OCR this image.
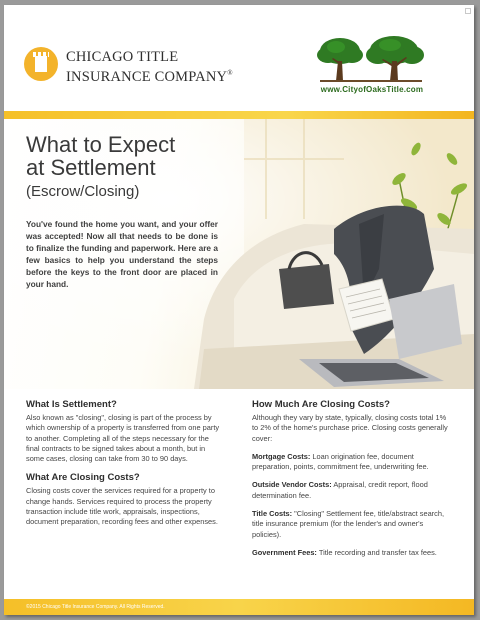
CHICAGO TITLE
INSURANCE COMPANY®
www.CityofOaksTitle.com
What to Expect
at Settlement
(Escrow/Closing)
You've found the home you want, and your offer was accepted! Now all that needs to be done is to finalize the funding and paperwork. Here are a few basics to help you understand the steps before the keys to the front door are placed in your hand.
What Is Settlement?
Also known as "closing", closing is part of the process by which ownership of a property is transferred from one party to another. Completing all of the steps necessary for the final contracts to be signed takes about a month, but in some cases, closing can take from 30 to 90 days.
What Are Closing Costs?
Closing costs cover the services required for a property to change hands. Services required to process the property transaction include title work, appraisals, inspections, document preparation, recording fees and other expenses.
How Much Are Closing Costs?
Although they vary by state, typically, closing costs total 1% to 2% of the home's purchase price. Closing costs generally cover:
Mortgage Costs: Loan origination fee, document preparation, points, commitment fee, underwriting fee.
Outside Vendor Costs: Appraisal, credit report, flood determination fee.
Title Costs: "Closing" Settlement fee, title/abstract search, title insurance premium (for the lender's and owner's policies).
Government Fees: Title recording and transfer tax fees.
©2015 Chicago Title Insurance Company. All Rights Reserved.
